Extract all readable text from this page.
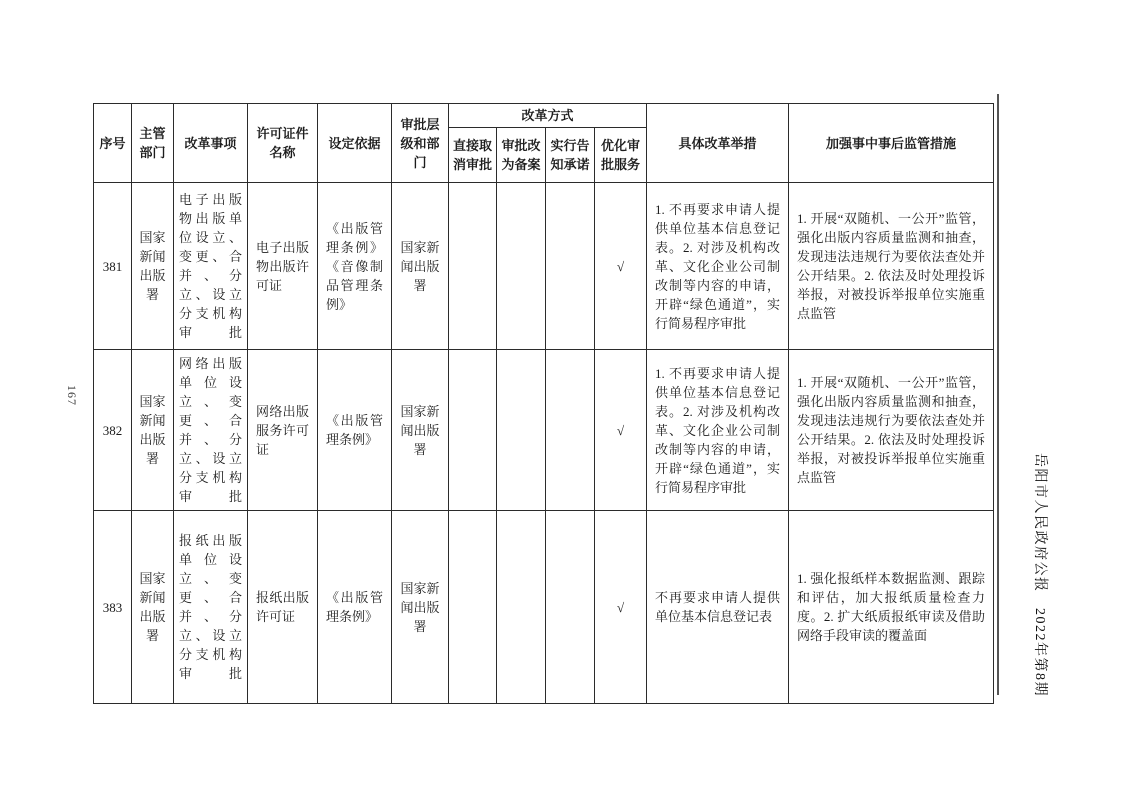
167
岳阳市人民政府公报　2022年第8期
序号	主管部门	改革事项	许可证件名称	设定依据	审批层级和部门	改革方式				具体改革举措	加强事中事后监管措施
						直接取消审批	审批改为备案	实行告知承诺	优化审批服务		
381	国家新闻出版署	电子出版物出版单位设立、变更、合并、分立、设立分支机构审批	电子出版物出版许可证	《出版管理条例》《音像制品管理条例》	国家新闻出版署				√	1. 不再要求申请人提供单位基本信息登记表。2. 对涉及机构改革、文化企业公司制改制等内容的申请，开辟“绿色通道”，实行简易程序审批	1. 开展“双随机、一公开”监管，强化出版内容质量监测和抽查，发现违法违规行为要依法查处并公开结果。2. 依法及时处理投诉举报，对被投诉举报单位实施重点监管
382	国家新闻出版署	网络出版单位设立、变更、合并、分立、设立分支机构审批	网络出版服务许可证	《出版管理条例》	国家新闻出版署				√	1. 不再要求申请人提供单位基本信息登记表。2. 对涉及机构改革、文化企业公司制改制等内容的申请，开辟“绿色通道”，实行简易程序审批	1. 开展“双随机、一公开”监管，强化出版内容质量监测和抽查，发现违法违规行为要依法查处并公开结果。2. 依法及时处理投诉举报，对被投诉举报单位实施重点监管
383	国家新闻出版署	报纸出版单位设立、变更、合并、分立、设立分支机构审批	报纸出版许可证	《出版管理条例》	国家新闻出版署				√	不再要求申请人提供单位基本信息登记表	1. 强化报纸样本数据监测、跟踪和评估，加大报纸质量检查力度。2. 扩大纸质报纸审读及借助网络手段审读的覆盖面
